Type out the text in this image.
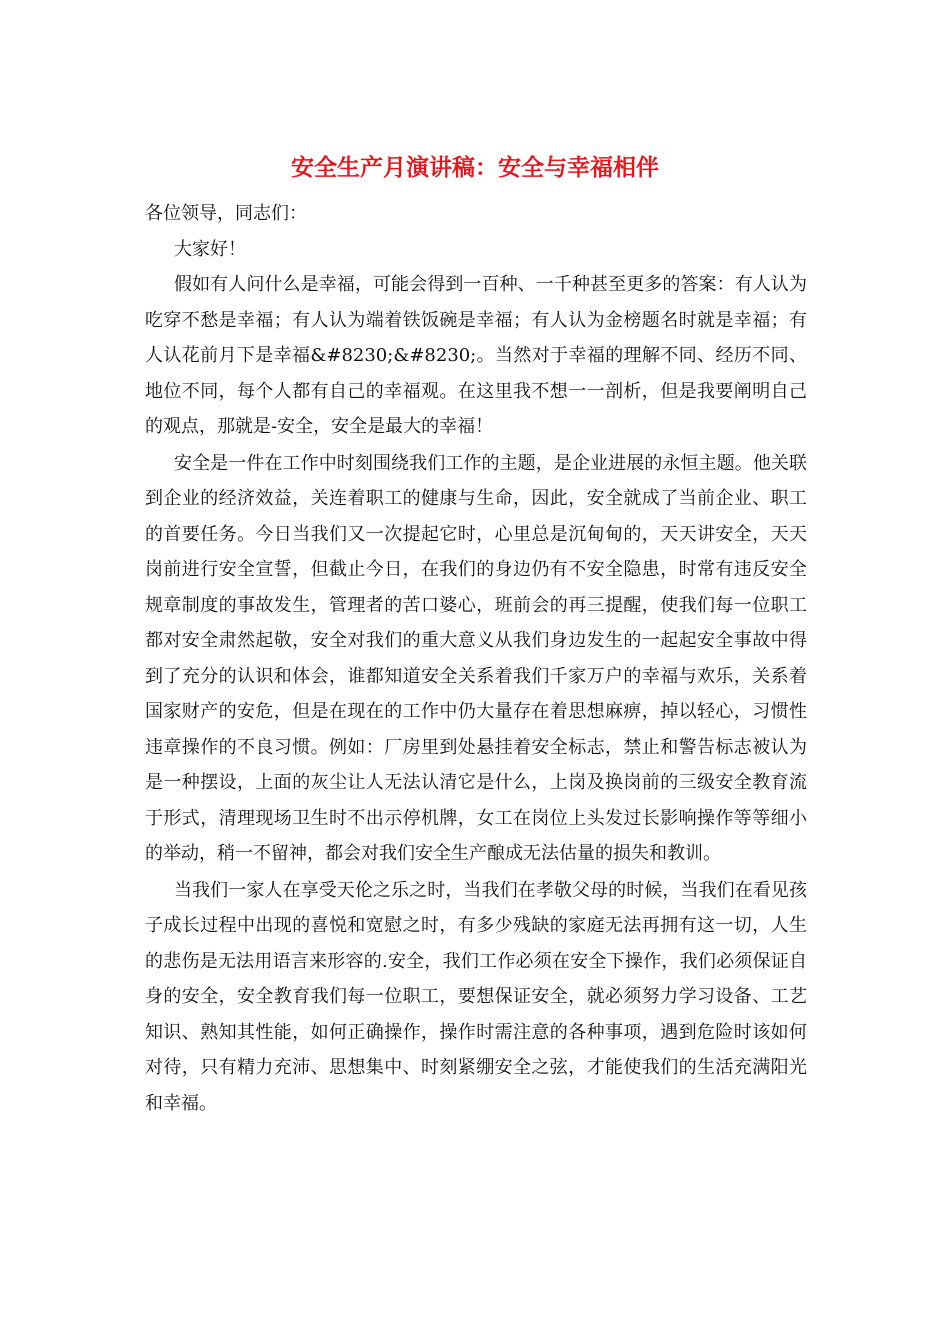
安全生产月演讲稿：安全与幸福相伴

各位领导，同志们：

大家好！

假如有人问什么是幸福，可能会得到一百种、一千种甚至更多的答案：有人认为吃穿不愁是幸福；有人认为端着铁饭碗是幸福；有人认为金榜题名时就是幸福；有人认花前月下是幸福&#8230;&#8230;。当然对于幸福的理解不同、经历不同、地位不同，每个人都有自己的幸福观。在这里我不想一一剖析，但是我要阐明自己的观点，那就是-安全，安全是最大的幸福！

安全是一件在工作中时刻围绕我们工作的主题，是企业进展的永恒主题。他关联到企业的经济效益，关连着职工的健康与生命，因此，安全就成了当前企业、职工的首要任务。今日当我们又一次提起它时，心里总是沉甸甸的，天天讲安全，天天岗前进行安全宣誓，但截止今日，在我们的身边仍有不安全隐患，时常有违反安全规章制度的事故发生，管理者的苦口婆心，班前会的再三提醒，使我们每一位职工都对安全肃然起敬，安全对我们的重大意义从我们身边发生的一起起安全事故中得到了充分的认识和体会，谁都知道安全关系着我们千家万户的幸福与欢乐，关系着国家财产的安危，但是在现在的工作中仍大量存在着思想麻痹，掉以轻心，习惯性违章操作的不良习惯。例如：厂房里到处悬挂着安全标志，禁止和警告标志被认为是一种摆设，上面的灰尘让人无法认清它是什么，上岗及换岗前的三级安全教育流于形式，清理现场卫生时不出示停机牌，女工在岗位上头发过长影响操作等等细小的举动，稍一不留神，都会对我们安全生产酿成无法估量的损失和教训。

当我们一家人在享受天伦之乐之时，当我们在孝敬父母的时候，当我们在看见孩子成长过程中出现的喜悦和宽慰之时，有多少残缺的家庭无法再拥有这一切，人生的悲伤是无法用语言来形容的.安全，我们工作必须在安全下操作，我们必须保证自身的安全，安全教育我们每一位职工，要想保证安全，就必须努力学习设备、工艺知识、熟知其性能，如何正确操作，操作时需注意的各种事项，遇到危险时该如何对待，只有精力充沛、思想集中、时刻紧绷安全之弦，才能使我们的生活充满阳光和幸福。
